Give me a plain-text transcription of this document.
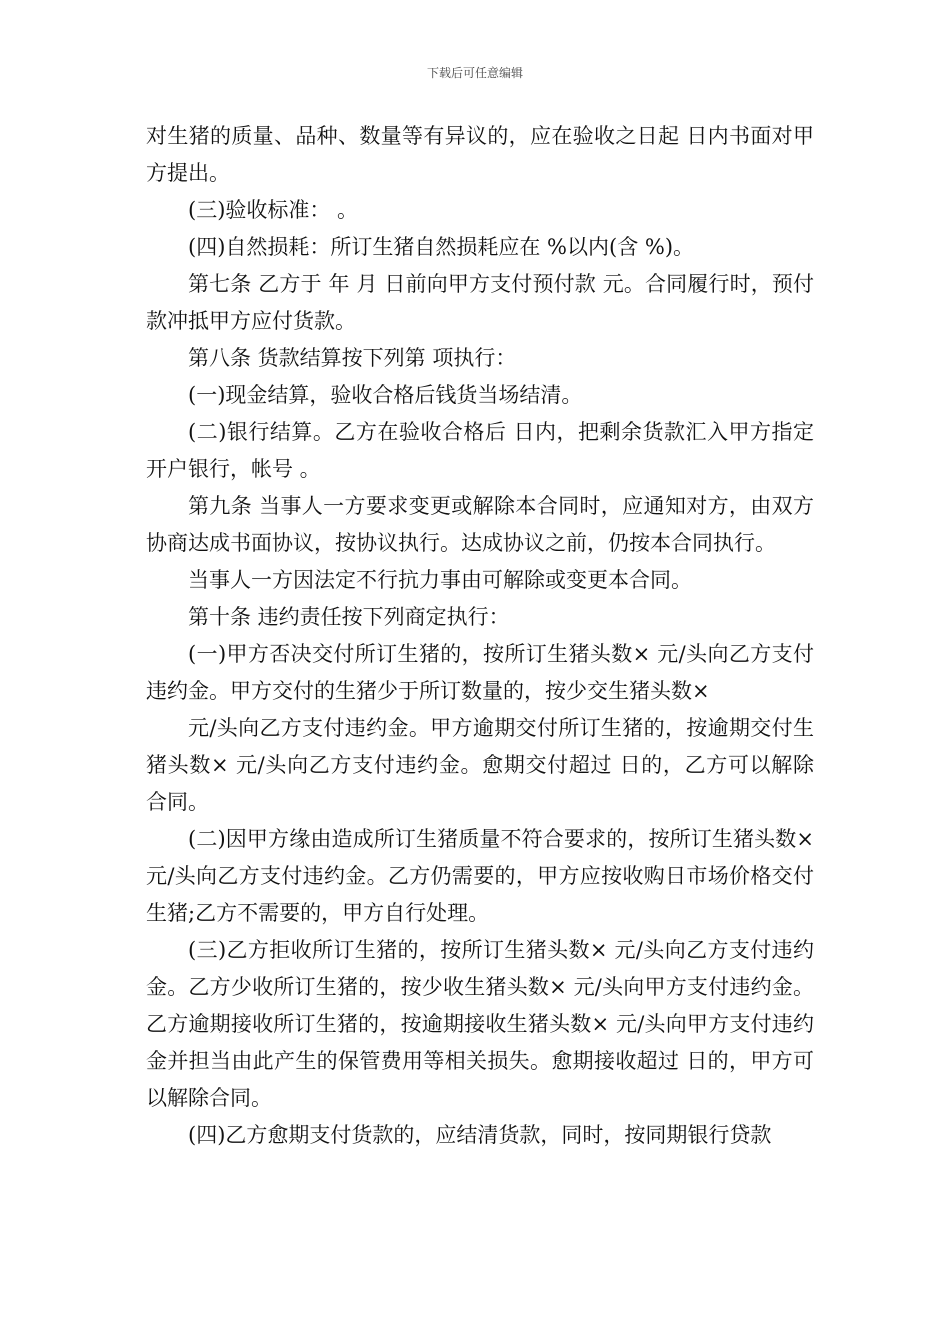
下载后可任意编辑

对生猪的质量、品种、数量等有异议的，应在验收之日起 日内书面对甲方提出。

(三)验收标准： 。

(四)自然损耗：所订生猪自然损耗应在 %以内(含 %)。

第七条 乙方于 年 月 日前向甲方支付预付款 元。合同履行时，预付款冲抵甲方应付货款。

第八条 货款结算按下列第 项执行：

(一)现金结算，验收合格后钱货当场结清。

(二)银行结算。乙方在验收合格后 日内，把剩余货款汇入甲方指定开户银行，帐号 。

第九条 当事人一方要求变更或解除本合同时，应通知对方，由双方协商达成书面协议，按协议执行。达成协议之前，仍按本合同执行。

当事人一方因法定不行抗力事由可解除或变更本合同。

第十条 违约责任按下列商定执行：

(一)甲方否决交付所订生猪的，按所订生猪头数× 元/头向乙方支付违约金。甲方交付的生猪少于所订数量的，按少交生猪头数×

元/头向乙方支付违约金。甲方逾期交付所订生猪的，按逾期交付生猪头数× 元/头向乙方支付违约金。愈期交付超过 日的，乙方可以解除合同。

(二)因甲方缘由造成所订生猪质量不符合要求的，按所订生猪头数× 元/头向乙方支付违约金。乙方仍需要的，甲方应按收购日市场价格交付生猪;乙方不需要的，甲方自行处理。

(三)乙方拒收所订生猪的，按所订生猪头数× 元/头向乙方支付违约金。乙方少收所订生猪的，按少收生猪头数× 元/头向甲方支付违约金。乙方逾期接收所订生猪的，按逾期接收生猪头数× 元/头向甲方支付违约金并担当由此产生的保管费用等相关损失。愈期接收超过 日的，甲方可以解除合同。

(四)乙方愈期支付货款的，应结清货款，同时，按同期银行贷款
